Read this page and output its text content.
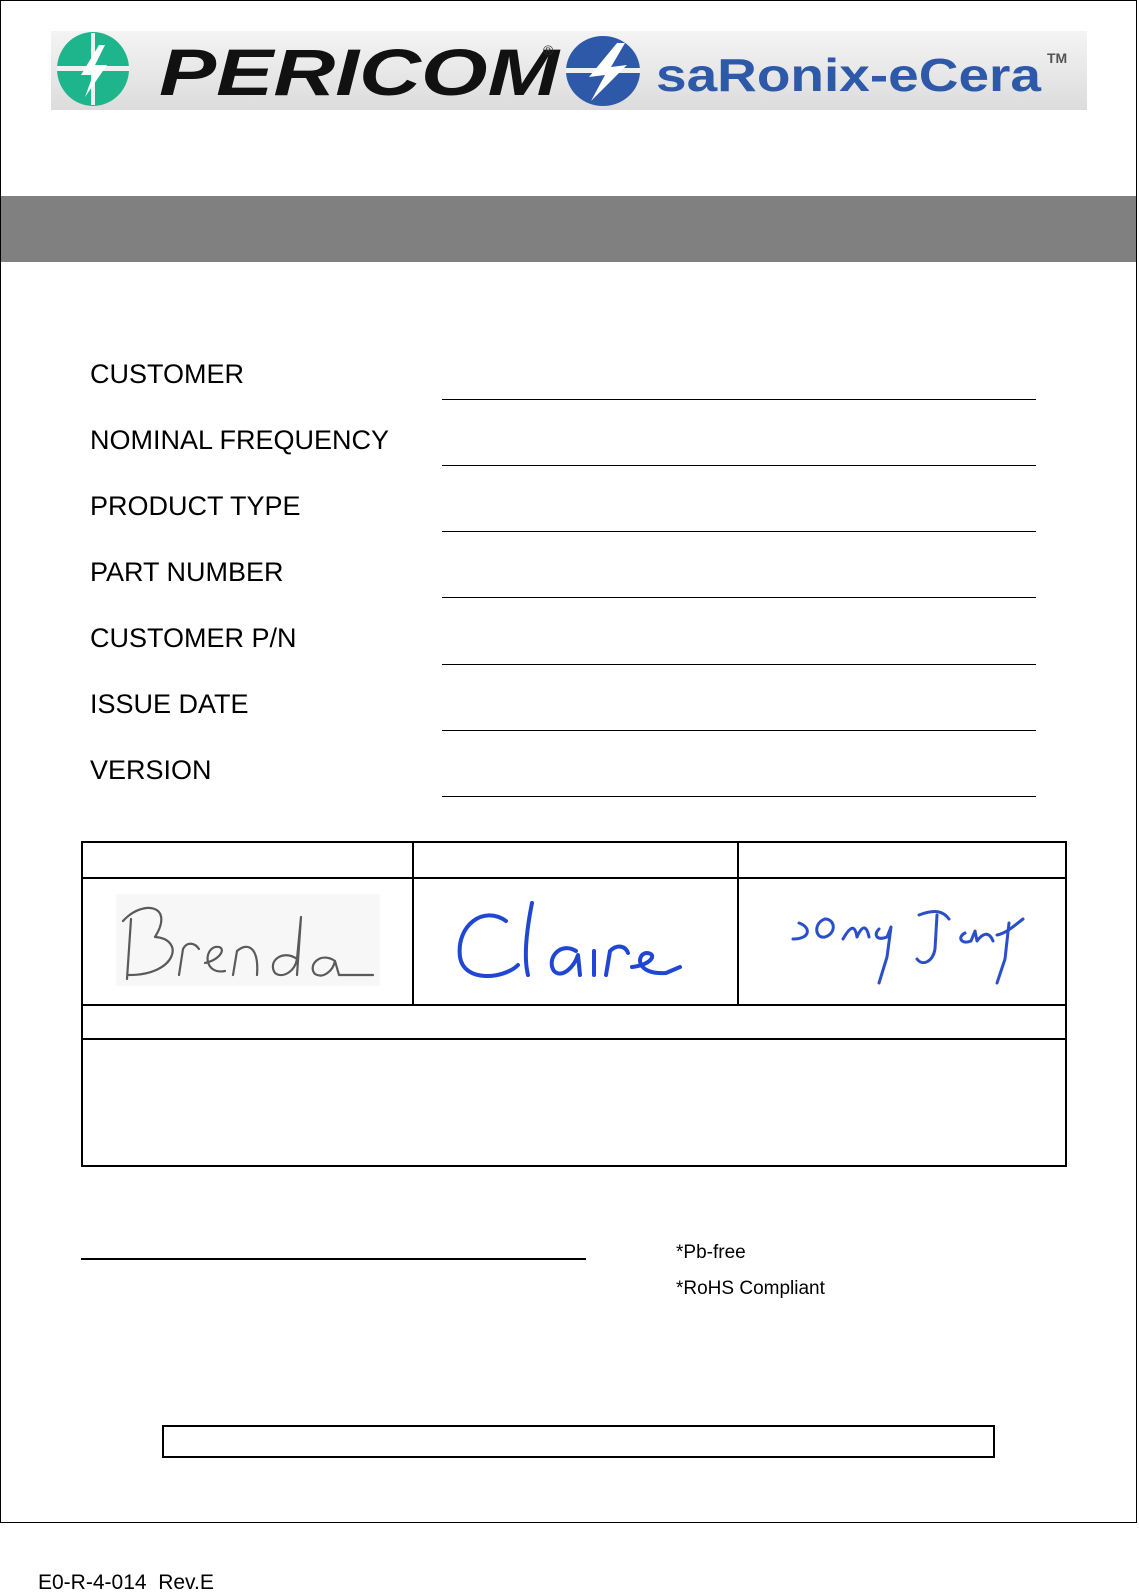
PERICOM
® saRonix-eCera TM
CUSTOMER
NOMINAL FREQUENCY
PRODUCT TYPE
PART NUMBER
CUSTOMER P/N
ISSUE DATE
VERSION
*Pb-free
*RoHS Compliant
E0-R-4-014  Rev.E
